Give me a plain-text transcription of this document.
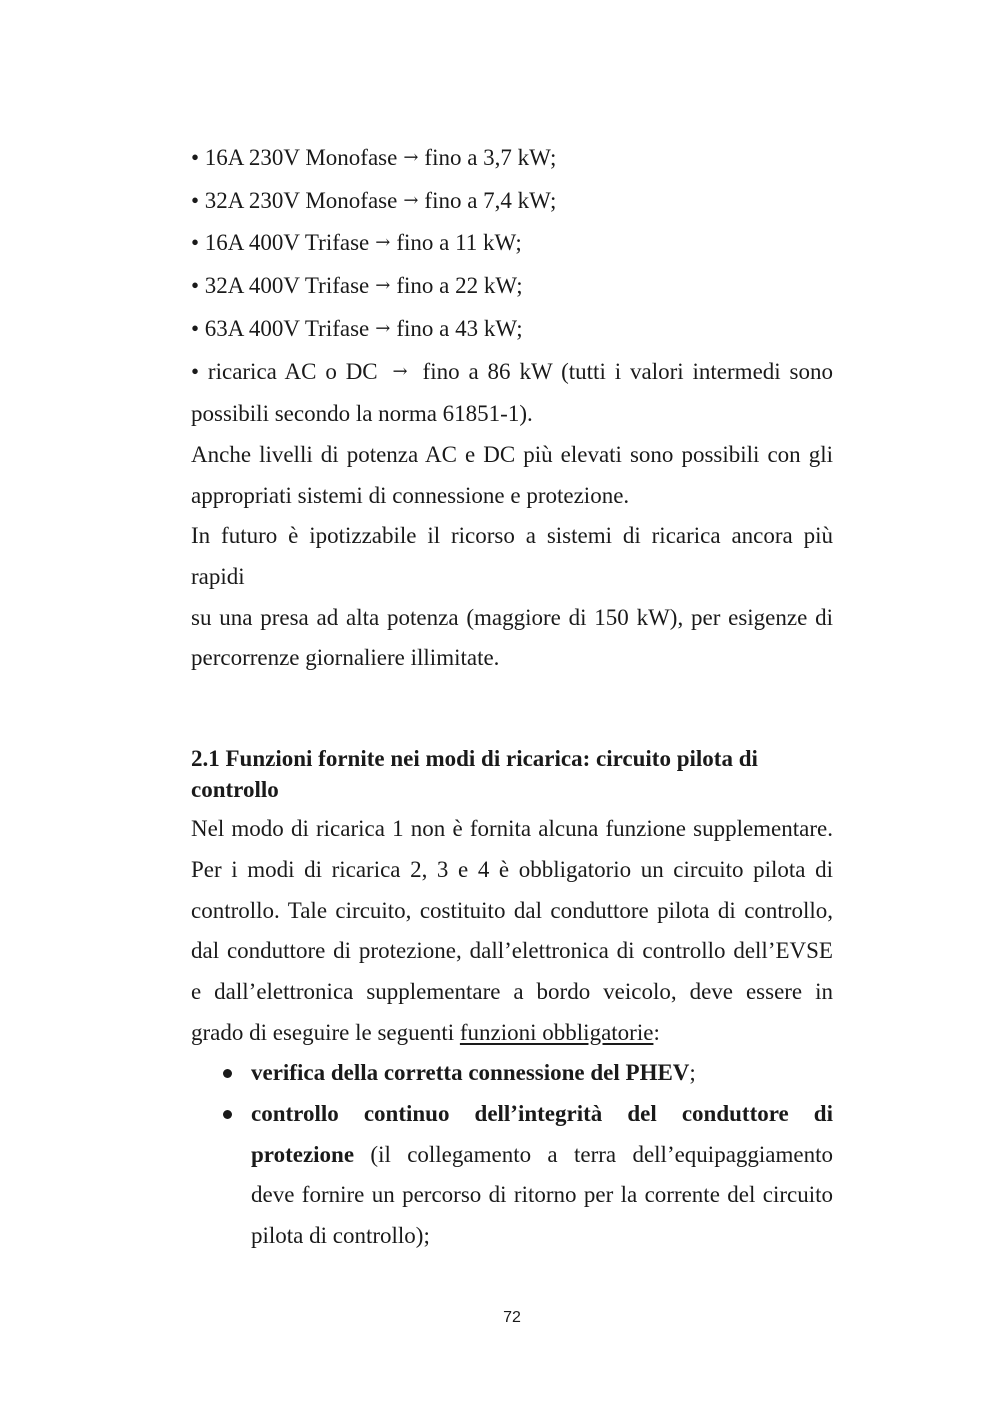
• 16A 230V Monofase → fino a 3,7 kW;
• 32A 230V Monofase → fino a 7,4 kW;
• 16A 400V Trifase → fino a 11 kW;
• 32A 400V Trifase → fino a 22 kW;
• 63A 400V Trifase → fino a 43 kW;
• ricarica AC o DC → fino a 86 kW (tutti i valori intermedi sono
possibili secondo la norma 61851-1).
Anche livelli di potenza AC e DC più elevati sono possibili con gli
appropriati sistemi di connessione e protezione.
In futuro è ipotizzabile il ricorso a sistemi di ricarica ancora più rapidi
su una presa ad alta potenza (maggiore di 150 kW), per esigenze di
percorrenze giornaliere illimitate.
2.1 Funzioni fornite nei modi di ricarica: circuito pilota di
controllo
Nel modo di ricarica 1 non è fornita alcuna funzione supplementare.
Per i modi di ricarica 2, 3 e 4 è obbligatorio un circuito pilota di
controllo. Tale circuito, costituito dal conduttore pilota di controllo,
dal conduttore di protezione, dall’elettronica di controllo dell’EVSE
e dall’elettronica supplementare a bordo veicolo, deve essere in
grado di eseguire le seguenti funzioni obbligatorie:
verifica della corretta connessione del PHEV;
controllo continuo dell’integrità del conduttore di
protezione (il collegamento a terra dell’equipaggiamento
deve fornire un percorso di ritorno per la corrente del circuito
pilota di controllo);
72
